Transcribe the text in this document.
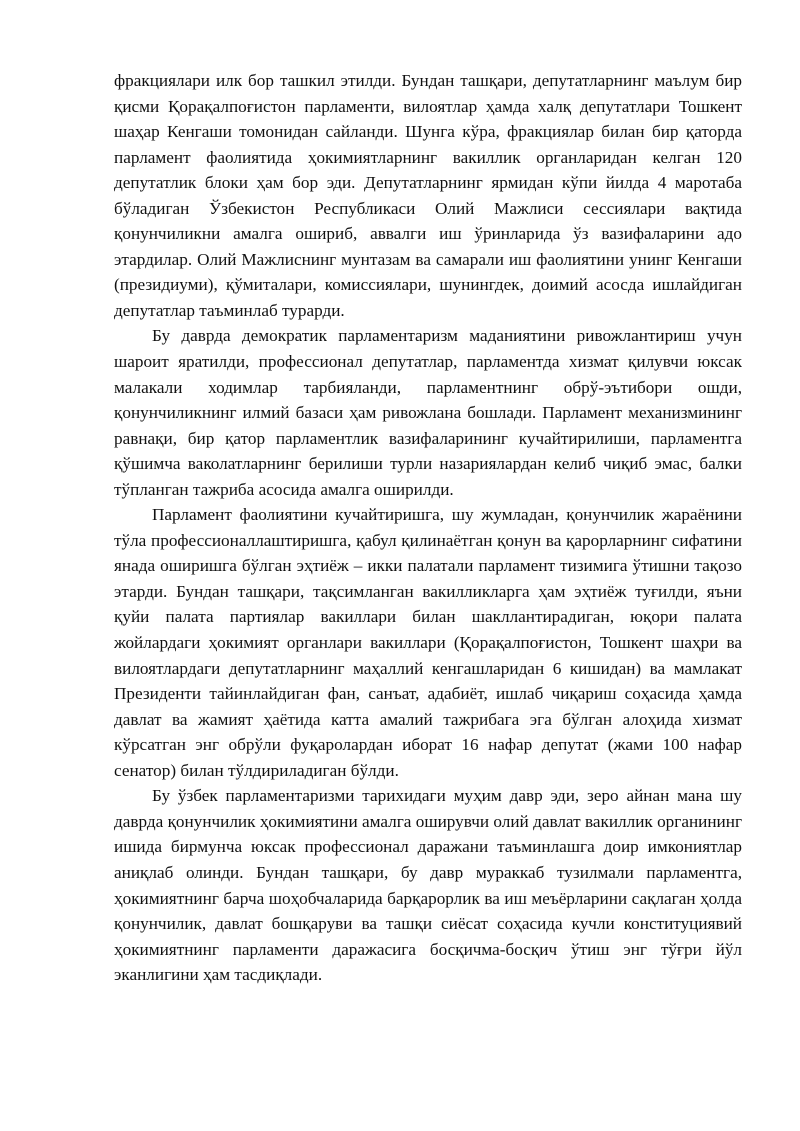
фракциялари илк бор ташкил этилди. Бундан ташқари, депутатларнинг маълум бир қисми Қорақалпоғистон парламенти, вилоятлар ҳамда халқ депутатлари Тошкент шаҳар Кенгаши томонидан сайланди. Шунга кўра, фракциялар билан бир қаторда парламент фаолиятида ҳокимиятларнинг вакиллик органларидан келган 120 депутатлик блоки ҳам бор эди. Депутатларнинг ярмидан кўпи йилда 4 маротаба бўладиган Ўзбекистон Республикаси Олий Мажлиси сессиялари вақтида қонунчиликни амалга ошириб, аввалги иш ўринларида ўз вазифаларини адо этардилар. Олий Мажлиснинг мунтазам ва самарали иш фаолиятини унинг Кенгаши (президиуми), қўмиталари, комиссиялари, шунингдек, доимий асосда ишлайдиган депутатлар таъминлаб турарди.

Бу даврда демократик парламентаризм маданиятини ривожлантириш учун шароит яратилди, профессионал депутатлар, парламентда хизмат қилувчи юксак малакали ходимлар тарбияланди, парламентнинг обрў-эътибори ошди, қонунчиликнинг илмий базаси ҳам ривожлана бошлади. Парламент механизмининг равнақи, бир қатор парламентлик вазифаларининг кучайтирилиши, парламентга қўшимча ваколатларнинг берилиши турли назариялардан келиб чиқиб эмас, балки тўпланган тажриба асосида амалга оширилди.

Парламент фаолиятини кучайтиришга, шу жумладан, қонунчилик жараёнини тўла профессионаллаштиришга, қабул қилинаётган қонун ва қарорларнинг сифатини янада оширишга бўлган эҳтиёж – икки палатали парламент тизимига ўтишни тақозо этарди. Бундан ташқари, тақсимланган вакилликларга ҳам эҳтиёж туғилди, яъни қуйи палата партиялар вакиллари билан шакллантирадиган, юқори палата жойлардаги ҳокимият органлари вакиллари (Қорақалпоғистон, Тошкент шаҳри ва вилоятлардаги депутатларнинг маҳаллий кенгашларидан 6 кишидан) ва мамлакат Президенти тайинлайдиган фан, санъат, адабиёт, ишлаб чиқариш соҳасида ҳамда давлат ва жамият ҳаётида катта амалий тажрибага эга бўлган алоҳида хизмат кўрсатган энг обрўли фуқаролардан иборат 16 нафар депутат (жами 100 нафар сенатор) билан тўлдириладиган бўлди.

Бу ўзбек парламентаризми тарихидаги муҳим давр эди, зеро айнан мана шу даврда қонунчилик ҳокимиятини амалга оширувчи олий давлат вакиллик органининг ишида бирмунча юксак профессионал даражани таъминлашга доир имкониятлар аниқлаб олинди. Бундан ташқари, бу давр мураккаб тузилмали парламентга, ҳокимиятнинг барча шоҳобчаларида барқарорлик ва иш меъёрларини сақлаган ҳолда қонунчилик, давлат бошқаруви ва ташқи сиёсат соҳасида кучли конституциявий ҳокимиятнинг парламенти даражасига босқичма-босқич ўтиш энг тўғри йўл эканлигини ҳам тасдиқлади.
